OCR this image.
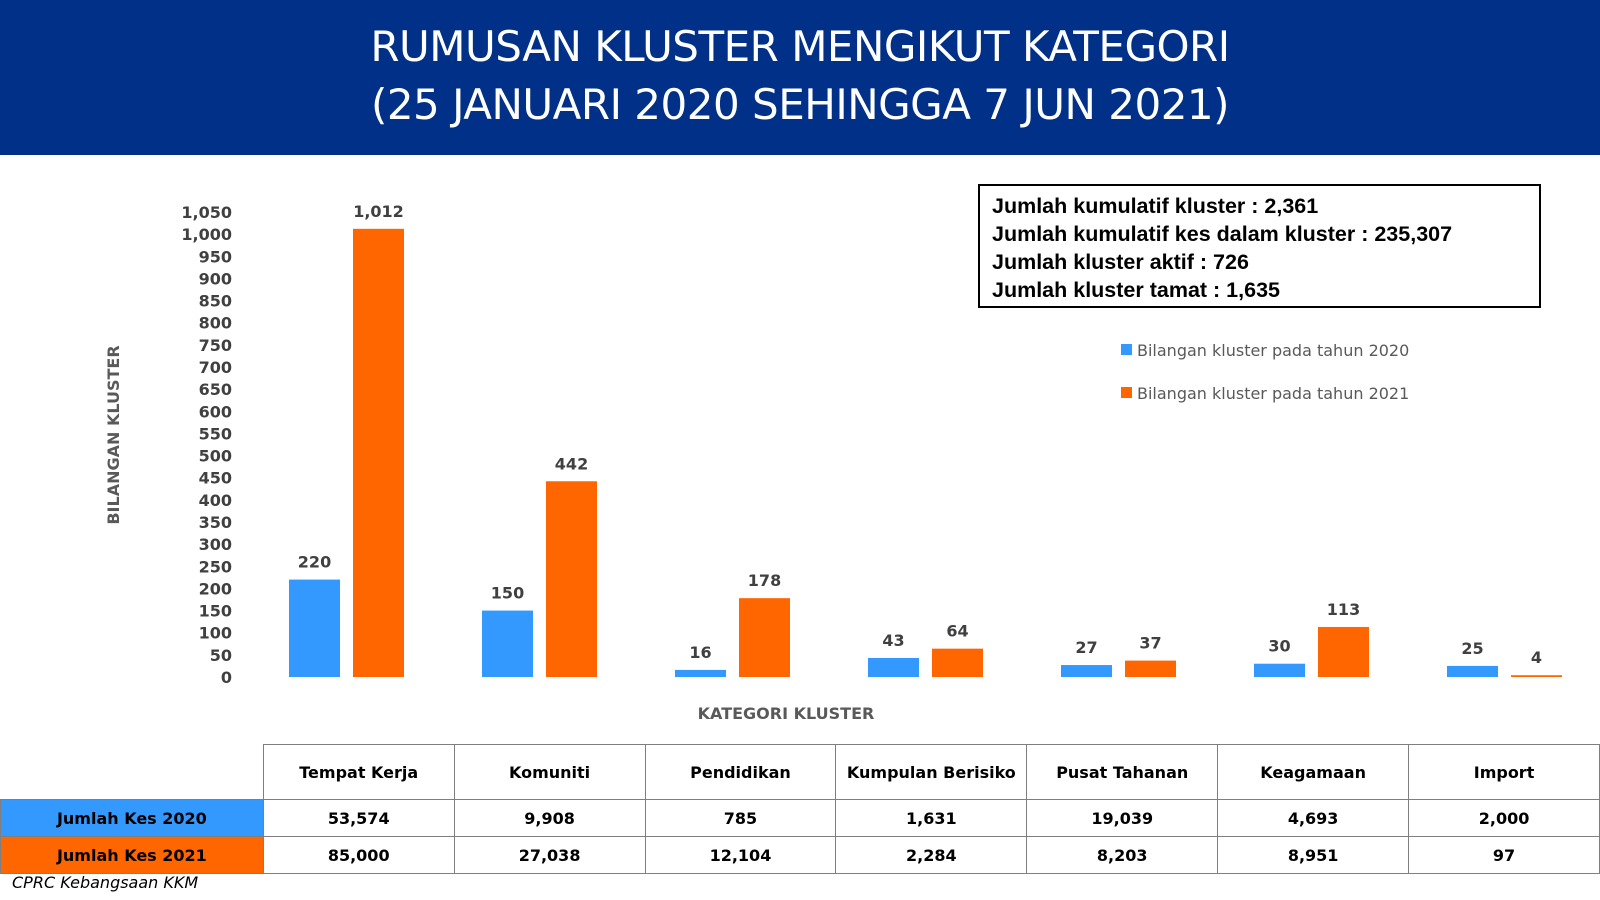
RUMUSAN KLUSTER MENGIKUT KATEGORI
(25 JANUARI 2020 SEHINGGA 7 JUN 2021)
0
50
100
150
200
250
300
350
400
450
500
550
600
650
700
750
800
850
900
950
1,000
1,050
BILANGAN KLUSTER
KATEGORI KLUSTER
220
1,012
150
442
16
178
43	64
27	37	30
113
25	4
Bilangan kluster pada tahun 2020
Bilangan kluster pada tahun 2021
Jumlah kumulatif kluster : 2,361
Jumlah kumulatif kes dalam kluster : 235,307
Jumlah kluster aktif : 726
Jumlah kluster tamat : 1,635
	Tempat Kerja	Komuniti	Pendidikan	Kumpulan Berisiko	Pusat Tahanan	Keagamaan	Import
Jumlah Kes 2020	53,574	9,908	785	1,631	19,039	4,693	2,000
Jumlah Kes 2021	85,000	27,038	12,104	2,284	8,203	8,951	97
CPRC Kebangsaan KKM
